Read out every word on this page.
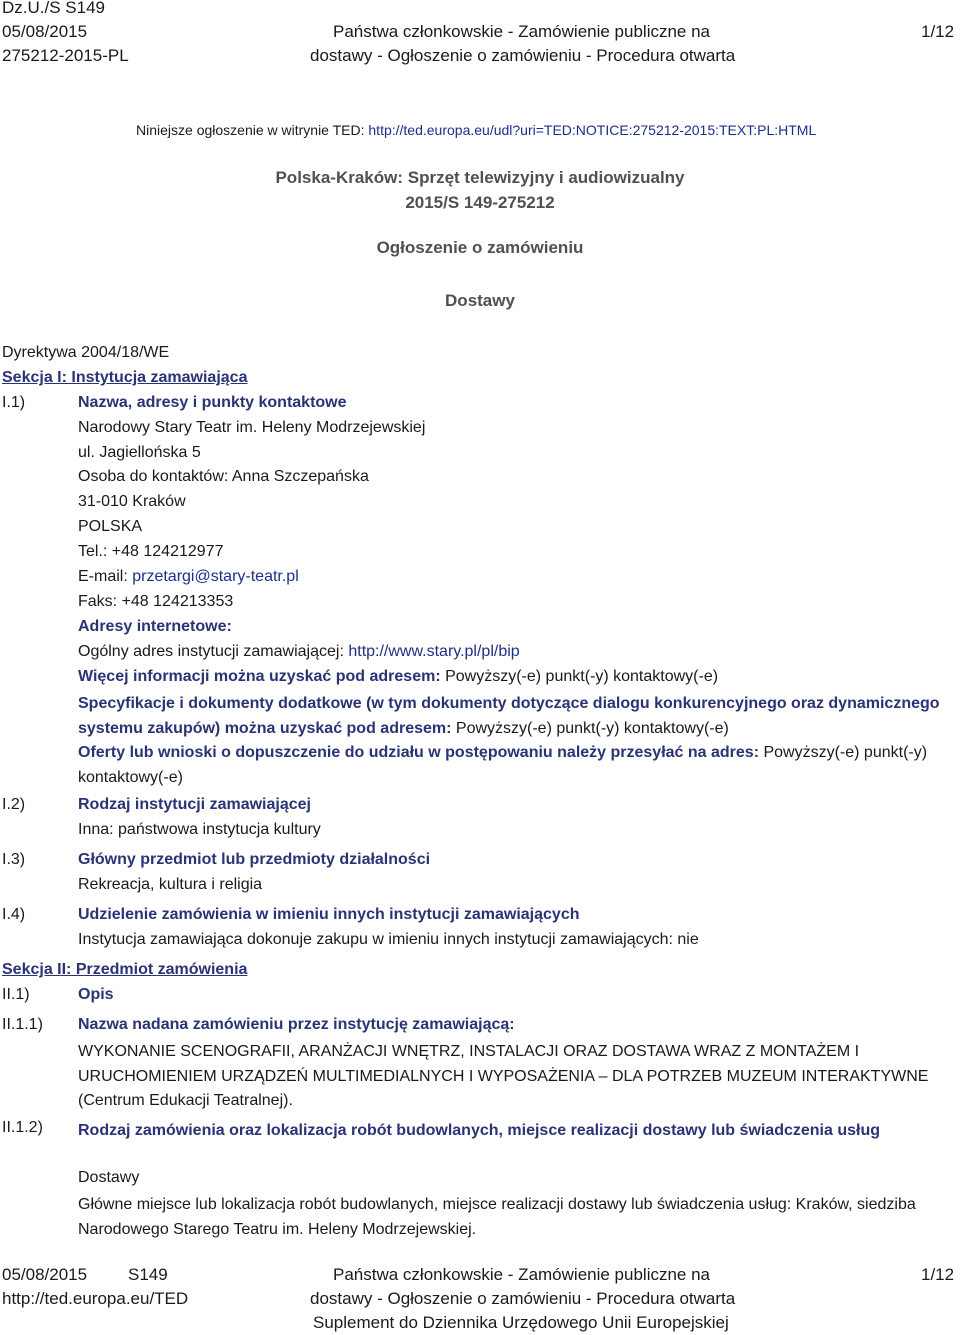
Dz.U./S S149
05/08/2015
275212-2015-PL
Państwa członkowskie - Zamówienie publiczne na
dostawy - Ogłoszenie o zamówieniu - Procedura otwarta
1/12
Niniejsze ogłoszenie w witrynie TED: http://ted.europa.eu/udl?uri=TED:NOTICE:275212-2015:TEXT:PL:HTML
Polska-Kraków: Sprzęt telewizyjny i audiowizualny
2015/S 149-275212
Ogłoszenie o zamówieniu
Dostawy
Dyrektywa 2004/18/WE
Sekcja I: Instytucja zamawiająca
I.1)	Nazwa, adresy i punkty kontaktowe
Narodowy Stary Teatr im. Heleny Modrzejewskiej
ul. Jagiellońska 5
Osoba do kontaktów: Anna Szczepańska
31-010 Kraków
POLSKA
Tel.: +48 124212977
E-mail: przetargi@stary-teatr.pl
Faks: +48 124213353
Adresy internetowe:
Ogólny adres instytucji zamawiającej: http://www.stary.pl/pl/bip
Więcej informacji można uzyskać pod adresem: Powyższy(-e) punkt(-y) kontaktowy(-e)
Specyfikacje i dokumenty dodatkowe (w tym dokumenty dotyczące dialogu konkurencyjnego oraz dynamicznego systemu zakupów) można uzyskać pod adresem: Powyższy(-e) punkt(-y) kontaktowy(-e)
Oferty lub wnioski o dopuszczenie do udziału w postępowaniu należy przesyłać na adres: Powyższy(-e) punkt(-y) kontaktowy(-e)
I.2)	Rodzaj instytucji zamawiającej
Inna: państwowa instytucja kultury
I.3)	Główny przedmiot lub przedmioty działalności
Rekreacja, kultura i religia
I.4)	Udzielenie zamówienia w imieniu innych instytucji zamawiających
Instytucja zamawiająca dokonuje zakupu w imieniu innych instytucji zamawiających: nie
Sekcja II: Przedmiot zamówienia
II.1)	Opis
II.1.1) Nazwa nadana zamówieniu przez instytucję zamawiającą:
WYKONANIE SCENOGRAFII, ARANŻACJI WNĘTRZ, INSTALACJI ORAZ DOSTAWA WRAZ Z MONTAŻEM I URUCHOMIENIEM URZĄDZEŃ MULTIMEDIALNYCH I WYPOSAŻENIA – DLA POTRZEB MUZEUM INTERAKTYWNE (Centrum Edukacji Teatralnej).
II.1.2) Rodzaj zamówienia oraz lokalizacja robót budowlanych, miejsce realizacji dostawy lub świadczenia usług
Dostawy
Główne miejsce lub lokalizacja robót budowlanych, miejsce realizacji dostawy lub świadczenia usług: Kraków, siedziba Narodowego Starego Teatru im. Heleny Modrzejewskiej.
05/08/2015 S149
http://ted.europa.eu/TED
Państwa członkowskie - Zamówienie publiczne na
dostawy - Ogłoszenie o zamówieniu - Procedura otwarta
Suplement do Dziennika Urzędowego Unii Europejskiej
1/12
